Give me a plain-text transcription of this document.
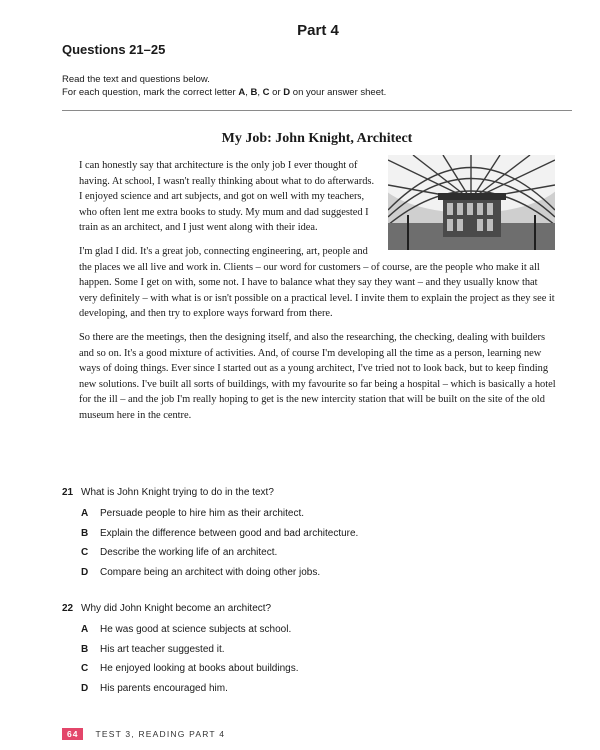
Part 4
Questions 21–25
Read the text and questions below.
For each question, mark the correct letter A, B, C or D on your answer sheet.
My Job: John Knight, Architect

I can honestly say that architecture is the only job I ever thought of having. At school, I wasn't really thinking about what to do afterwards. I enjoyed science and art subjects, and got on well with my teachers, who often lent me extra books to study. My mum and dad suggested I train as an architect, and I just went along with their idea.

I'm glad I did. It's a great job, connecting engineering, art, people and the places we all live and work in. Clients – our word for customers – of course, are the people who make it all happen. Some I get on with, some not. I have to balance what they say they want – and they usually know that very definitely – with what is or isn't possible on a practical level. I invite them to explain the project as they see it developing, and then try to explore ways forward from there.

So there are the meetings, then the designing itself, and also the researching, the checking, dealing with builders and so on. It's a good mixture of activities. And, of course I'm developing all the time as a person, learning new ways of doing things. Ever since I started out as a young architect, I've tried not to look back, but to keep finding new solutions. I've built all sorts of buildings, with my favourite so far being a hospital – which is basically a hotel for the ill – and the job I'm really hoping to get is the new intercity station that will be built on the site of the old museum here in the centre.

21 What is John Knight trying to do in the text?
A Persuade people to hire him as their architect.
B Explain the difference between good and bad architecture.
C Describe the working life of an architect.
D Compare being an architect with doing other jobs.
22 Why did John Knight become an architect?
A He was good at science subjects at school.
B His art teacher suggested it.
C He enjoyed looking at books about buildings.
D His parents encouraged him.
64 TEST 3, READING PART 4
